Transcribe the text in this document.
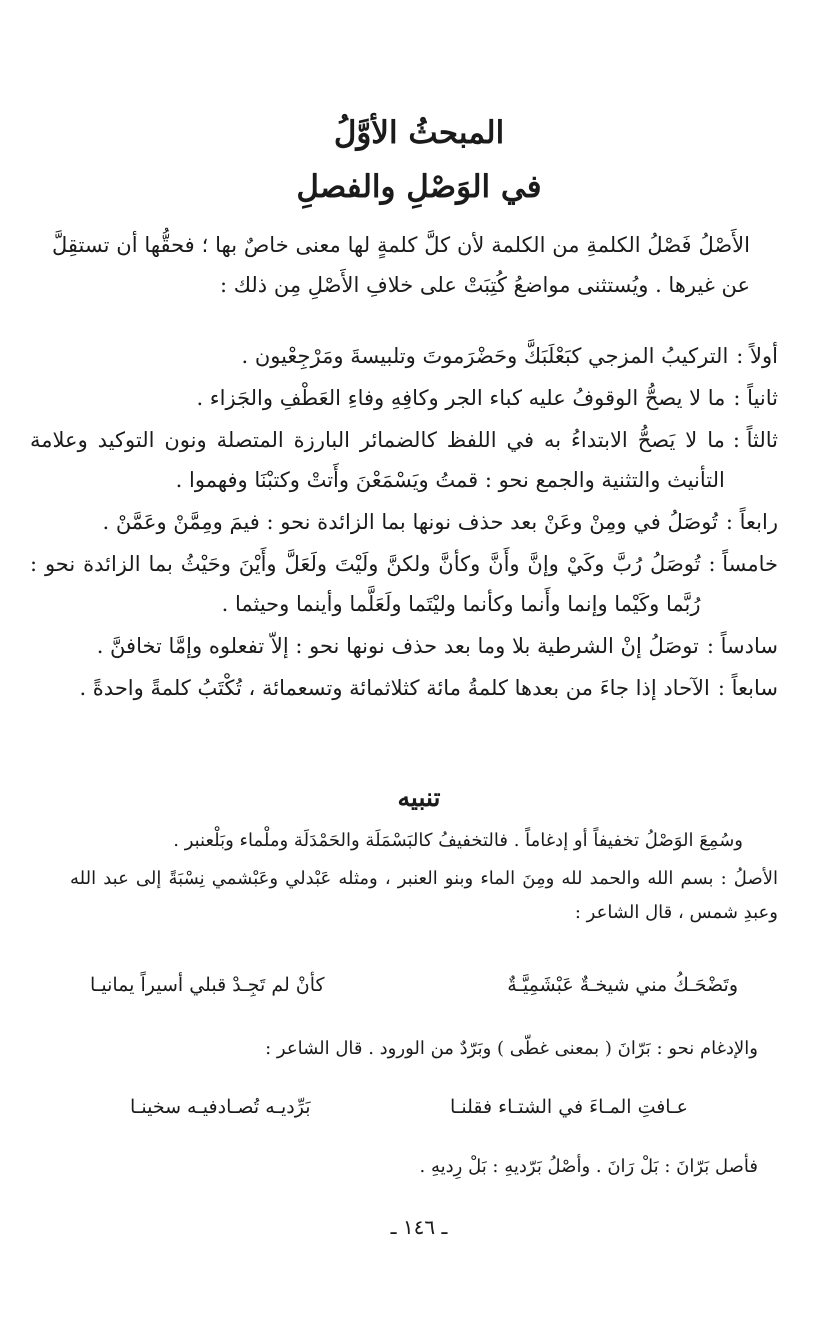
المبحثُ الأوَّلُ
في الوَصْلِ والفصلِ

الأَصْلُ فَصْلُ الكلمةِ من الكلمة لأن كلَّ كلمةٍ لها معنى خاصٌ بها ؛ فحقُّها أن تستقِلَّ عن غيرها . ويُستثنى مواضعُ كُتِبَتْ على خلافِ الأَصْلِ مِن ذلك :

أولاً :
التركيبُ المزجي كبَعْلَبَكَّ وحَضْرَموتَ وتلبيسةَ ومَرْجِعْيون .
ثانياً :
ما لا يصحُّ الوقوفُ عليه كباء الجر وكافِهِ وفاءِ العَطْفِ والجَزاء .
ثالثاً :
ما لا يَصحُّ الابتداءُ به في اللفظ كالضمائر البارزة المتصلة ونون التوكيد وعلامة التأنيث والتثنية والجمع نحو : قمتُ ويَسْمَعْنَ وأَتتْ وكتبْنَا وفهموا .
رابعاً :
تُوصَلُ في ومِنْ وعَنْ بعد حذف نونها بما الزائدة نحو : فيمَ ومِمَّنْ وعَمَّنْ .
خامساً :
تُوصَلُ رُبَّ وكَيْ وإنَّ وأَنَّ وكأنَّ ولكنَّ ولَيْتَ ولَعَلَّ وأَيْنَ وحَيْثُ بما الزائدة نحو : رُبَّما وكَيْما وإنما وأَنما وكأنما وليْتَما ولَعَلَّما وأينما وحيثما .
سادساً :
توصَلُ إنْ الشرطية بلا وما بعد حذف نونها نحو : إلاّ تفعلوه وإمَّا تخافنَّ .
سابعاً :
الآحاد إذا جاءَ من بعدها كلمةُ مائة كثلاثمائة وتسعمائة ، تُكْتَبُ كلمةً واحدةً .
تنبيه

وسُمِعَ الوَصْلُ تخفيفاً أو إدغاماً . فالتخفيفُ كالبَسْمَلَة والحَمْدَلَة وملْماء وبَلْعنبر .

الأصلُ : بسم الله والحمد لله ومِنَ الماء وبنو العنبر ، ومثله عَبْدلي وعَبْشمي نِسْبَةً إلى عبد الله وعبدِ شمس ، قال الشاعر :

وتَضْحَـكُ مني شيخـةٌ عَبْشَمِيَّـةٌ
كأنْ لم تَجِـدْ قبلي أسيراً يمانيـا

والإدغام نحو : بَرّانَ ( بمعنى غطّى ) وبَرّدٌ من الورود . قال الشاعر :

عـافتِ المـاءَ في الشتـاء فقلنـا
بَرِّديـه تُصـادفيـه سخينـا

فأصل بَرّانَ : بَلْ رَانَ . وأصْلُ بَرّديهِ : بَلْ رِديهِ .

ـ ١٤٦ ـ
